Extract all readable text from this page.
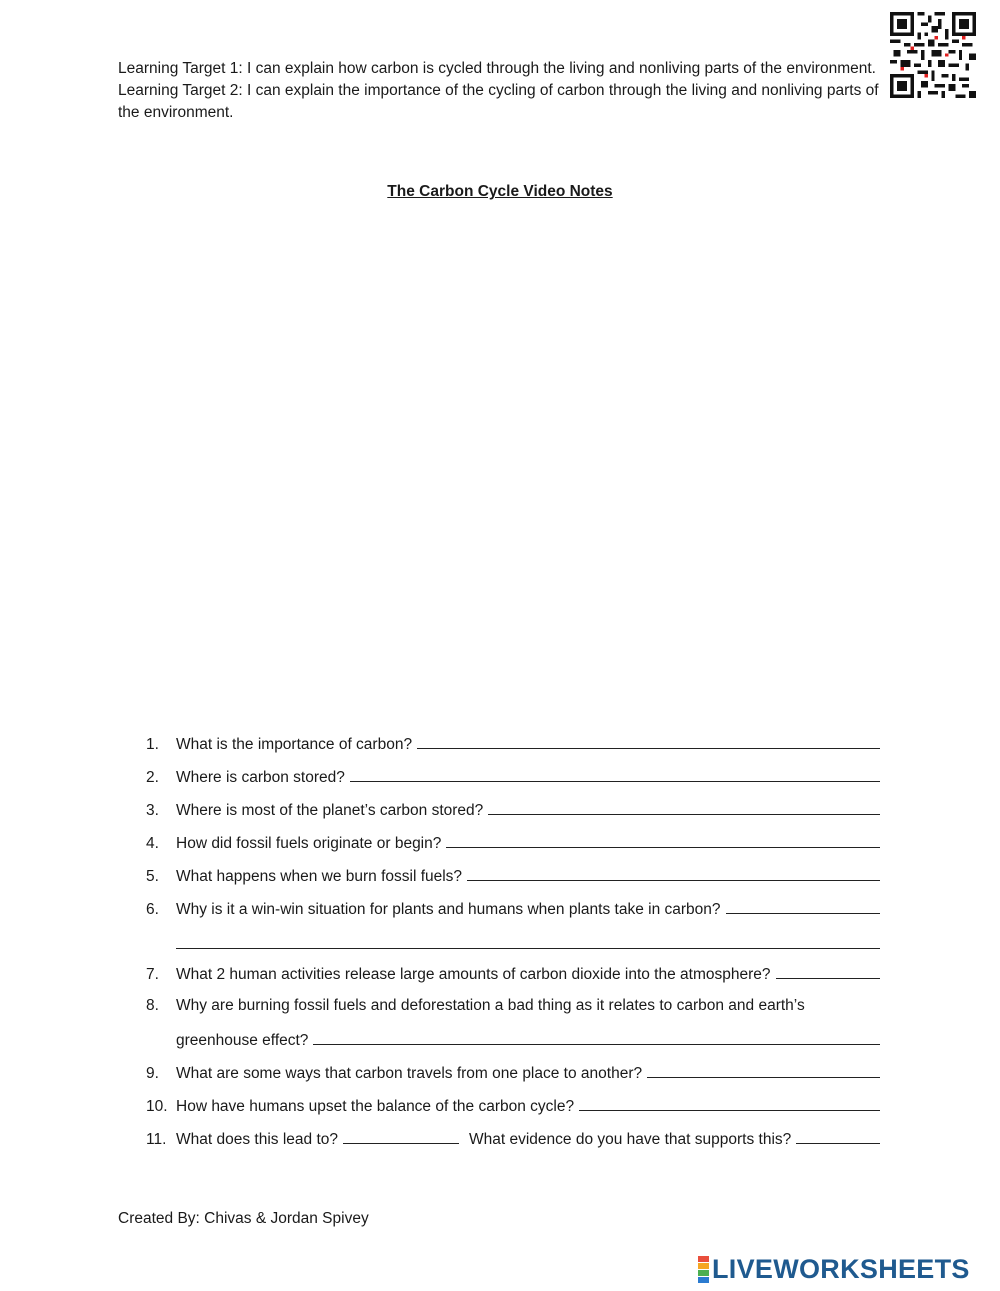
Learning Target 1: I can explain how carbon is cycled through the living and nonliving parts of the environment.

Learning Target 2: I can explain the importance of the cycling of carbon through the living and nonliving parts of the environment.

The Carbon Cycle Video Notes
1.	What is the importance of carbon?
2.	Where is carbon stored?
3.	Where is most of the planet’s carbon stored?
4.	How did fossil fuels originate or begin?
5.	What happens when we burn fossil fuels?
6.	Why is it a win-win situation for plants and humans when plants take in carbon?
7.	What 2 human activities release large amounts of carbon dioxide into the atmosphere?
8.	Why are burning fossil fuels and deforestation a bad thing as it relates to carbon and earth’s
greenhouse effect?
9.	What are some ways that carbon travels from one place to another?
10. How have humans upset the balance of the carbon cycle?
11. What does this lead to?	What evidence do you have that supports this?
Created By: Chivas & Jordan Spivey
LIVEWORKSHEETS
